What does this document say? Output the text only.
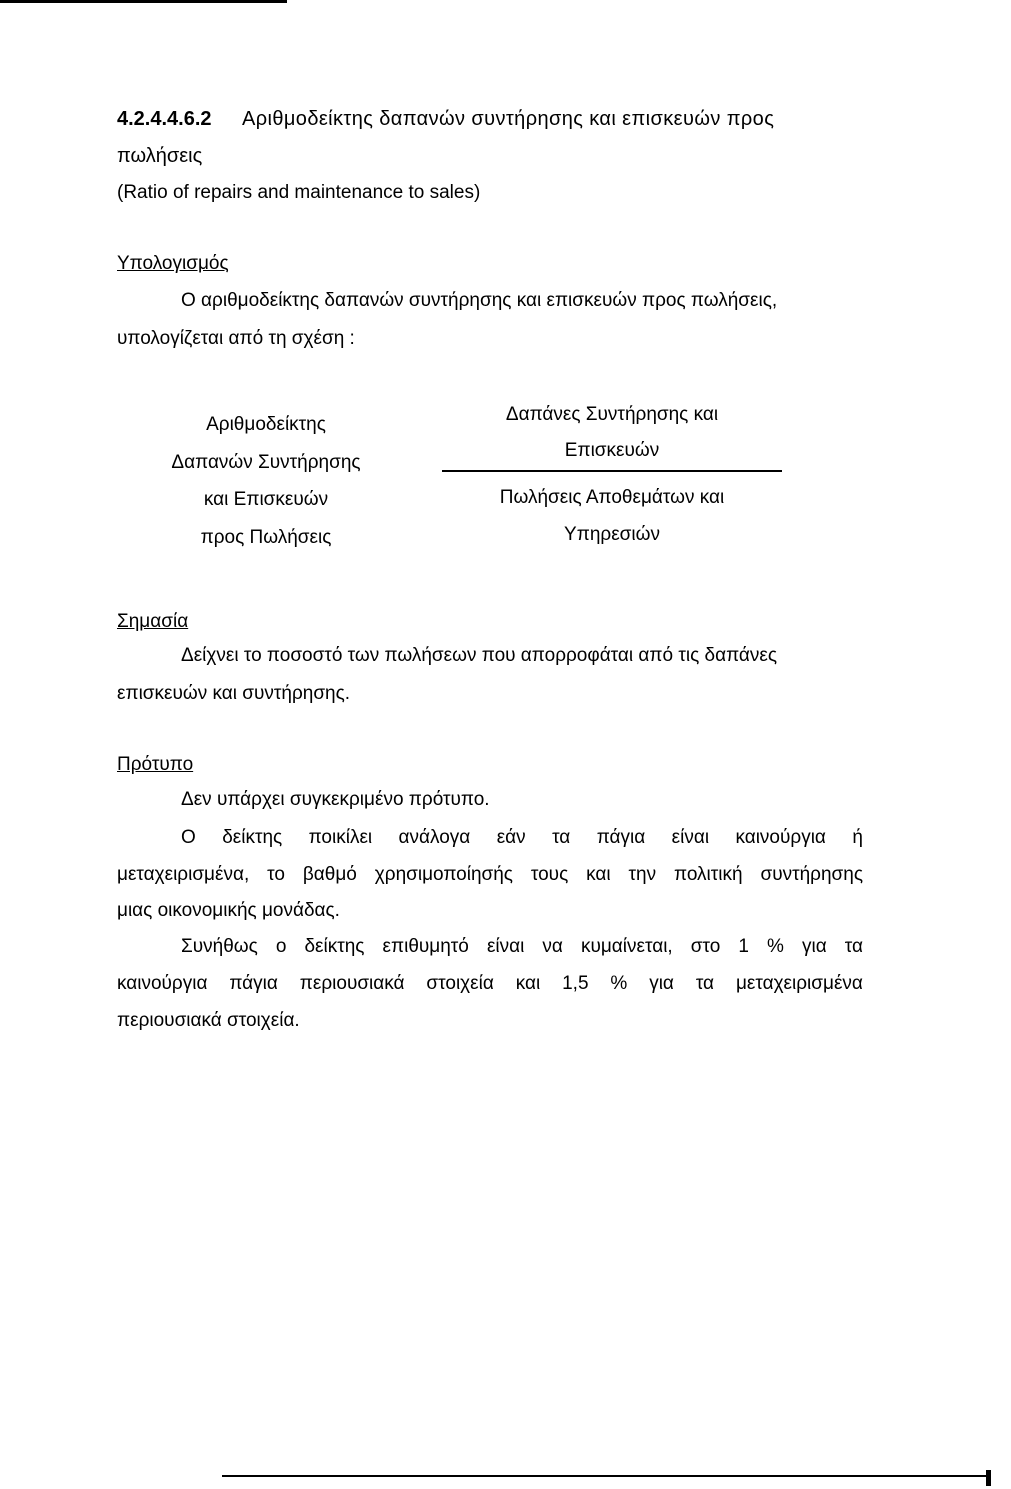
4.2.4.4.6.2 Αριθμοδείκτης δαπανών συντήρησης και επισκευών προς
πωλήσεις
(Ratio of repairs and maintenance to sales)
Υπολογισμός
Ο αριθμοδείκτης δαπανών συντήρησης και επισκευών προς πωλήσεις,
υπολογίζεται από τη σχέση :
Αριθμοδείκτης
Δαπανών Συντήρησης
και Επισκευών
προς Πωλήσεις
Δαπάνες Συντήρησης και
Επισκευών
Πωλήσεις Αποθεμάτων και
Υπηρεσιών
Σημασία
Δείχνει το ποσοστό των πωλήσεων που απορροφάται από τις δαπάνες
επισκευών και συντήρησης.
Πρότυπο
Δεν υπάρχει συγκεκριμένο πρότυπο.
Ο δείκτης ποικίλει ανάλογα εάν τα πάγια είναι καινούργια ή
μεταχειρισμένα, το βαθμό χρησιμοποίησής τους και την πολιτική συντήρησης
μιας οικονομικής μονάδας.
Συνήθως ο δείκτης επιθυμητό είναι να κυμαίνεται, στο 1 % για τα
καινούργια πάγια περιουσιακά στοιχεία και 1,5 % για τα μεταχειρισμένα
περιουσιακά στοιχεία.
